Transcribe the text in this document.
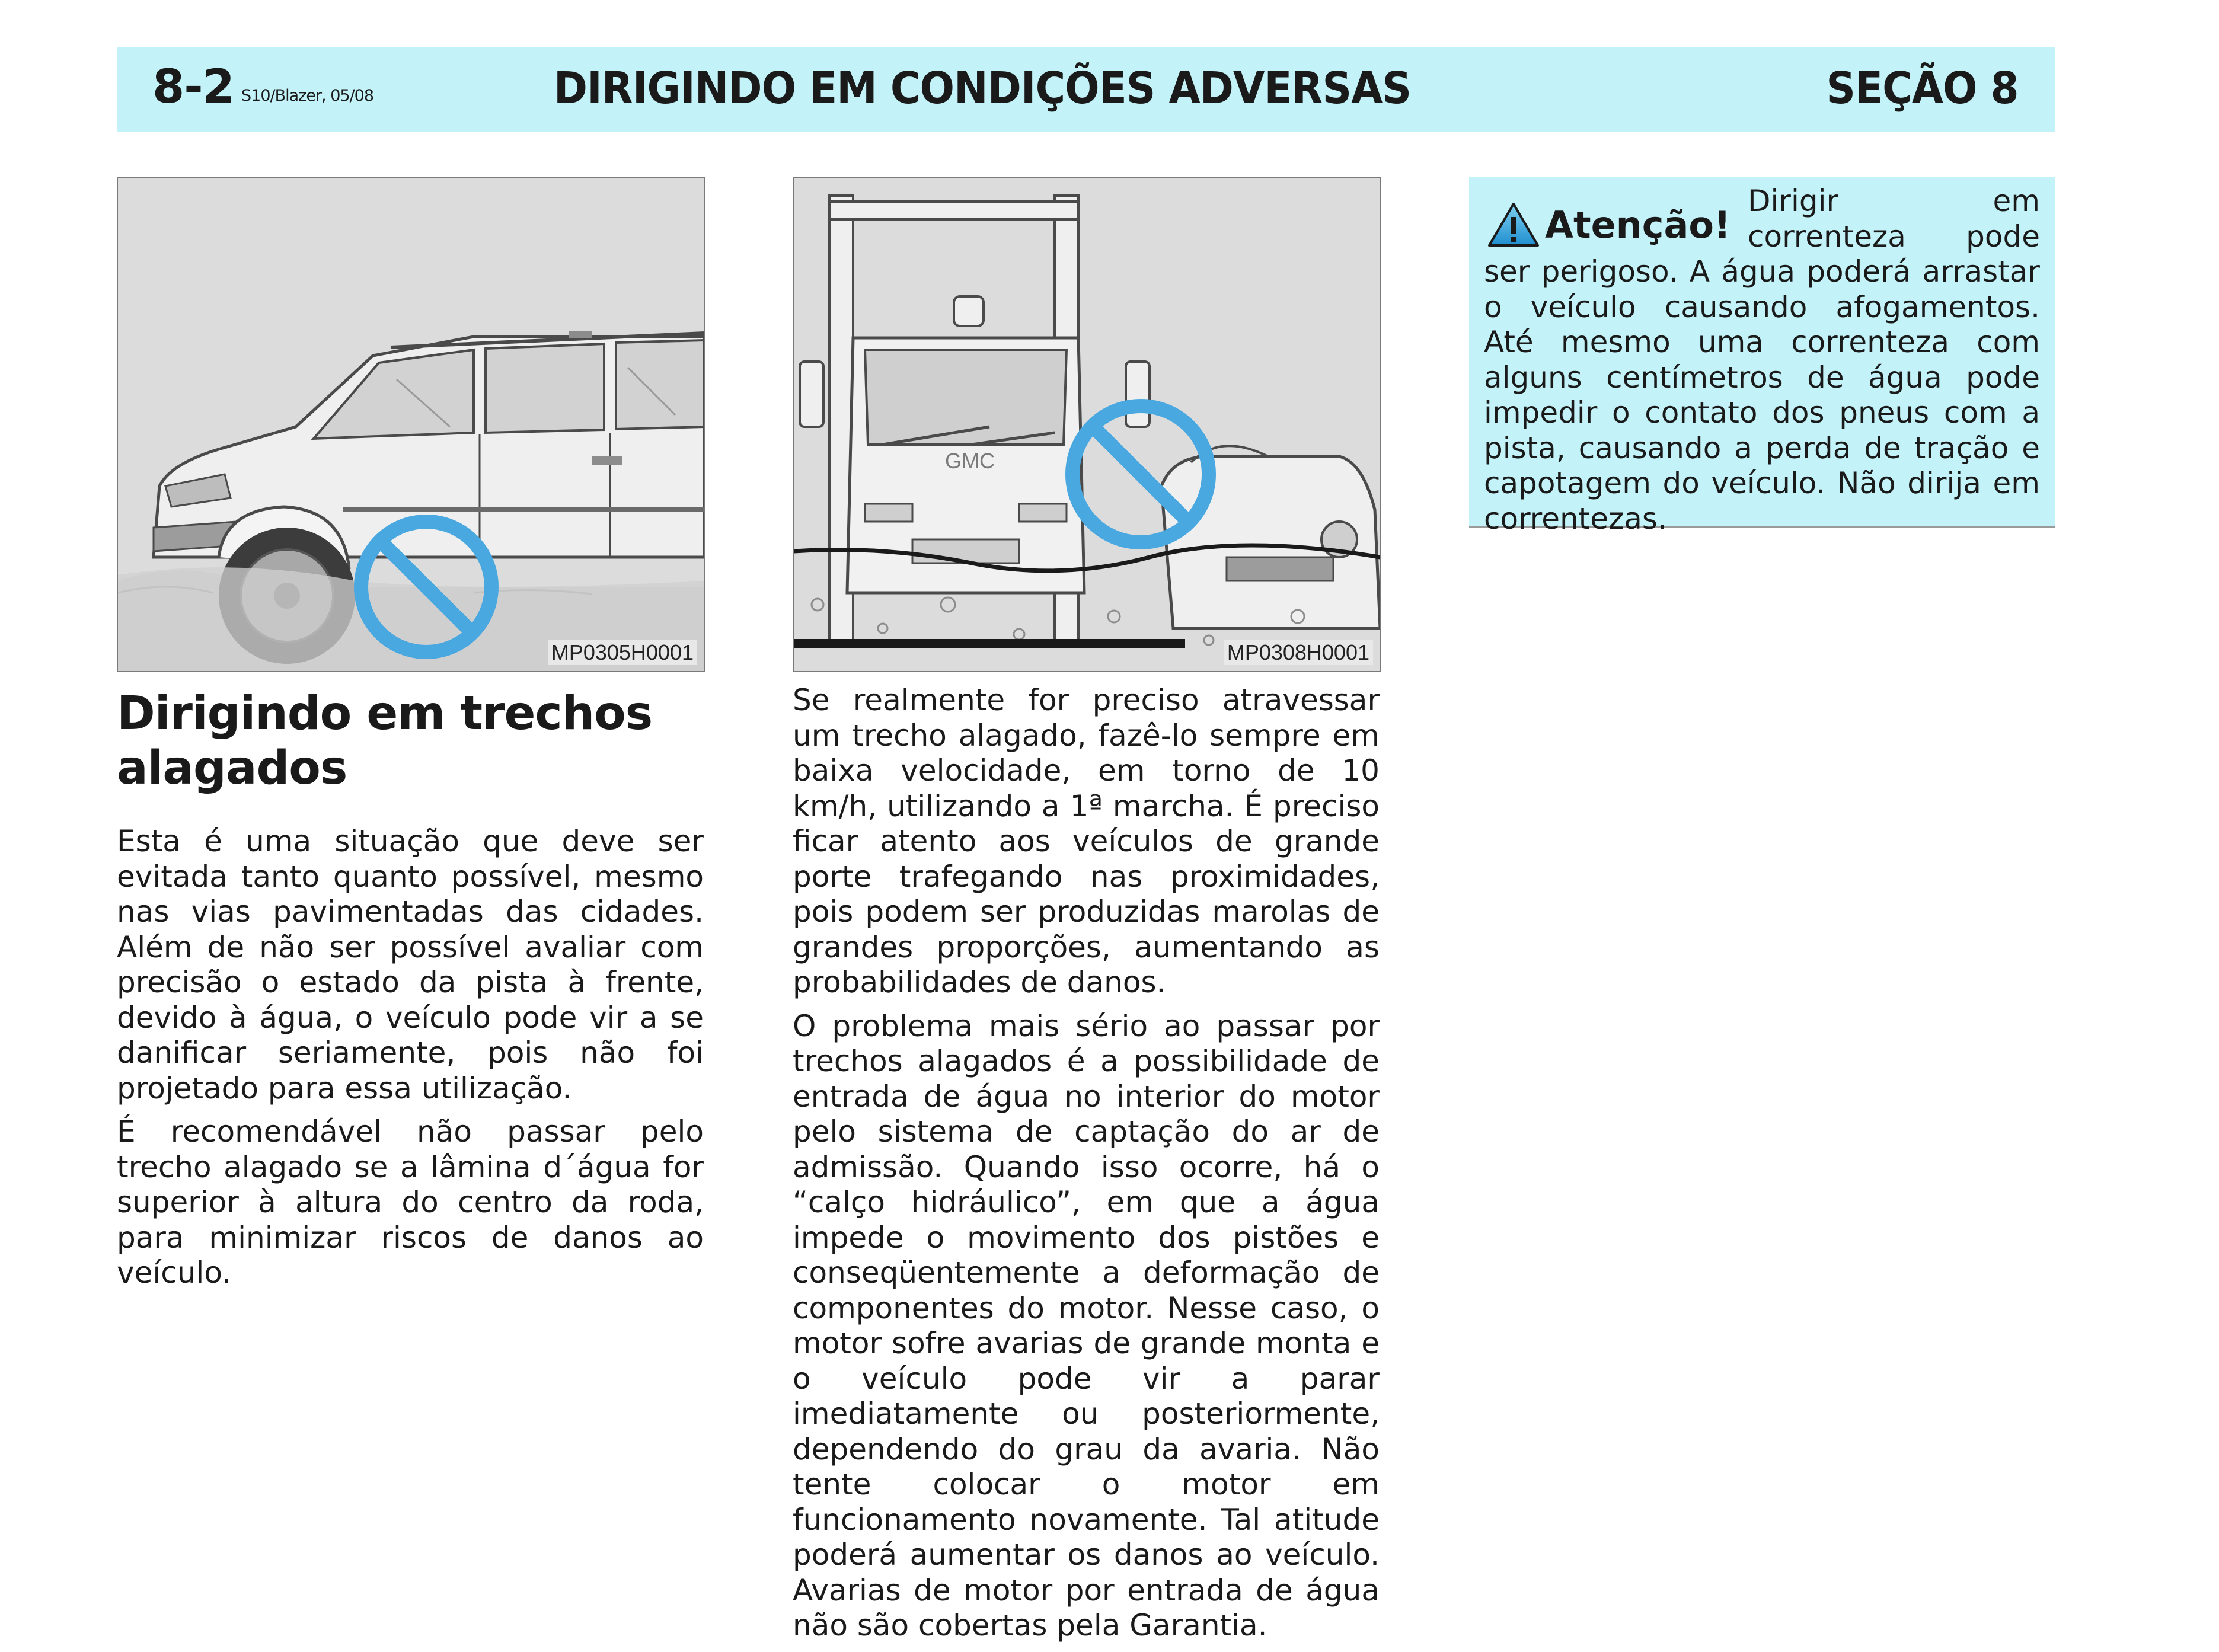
8-2 S10/Blazer, 05/08	DIRIGINDO EM CONDIÇÕES ADVERSAS	SEÇÃO 8
MP0305H0001
GMC
MP0308H0001
Dirigindo em trechos alagados

Esta é uma situação que deve ser evitada tanto quanto possível, mesmo nas vias pavimentadas das cidades. Além de não ser possível avaliar com precisão o estado da pista à frente, devido à água, o veículo pode vir a se danificar seriamente, pois não foi projetado para essa utilização.

É recomendável não passar pelo trecho alagado se a lâmina d´água for superior à altura do centro da roda, para minimizar riscos de danos ao veículo.

Se realmente for preciso atravessar um trecho alagado, fazê-lo sempre em baixa velocidade, em torno de 10 km/h, utilizando a 1ª marcha. É preciso ficar atento aos veículos de grande porte trafegando nas proximidades, pois podem ser produzidas marolas de grandes proporções, aumentando as probabilidades de danos.

O problema mais sério ao passar por trechos alagados é a possibilidade de entrada de água no interior do motor pelo sistema de captação do ar de admissão. Quando isso ocorre, há o “calço hidráulico”, em que a água impede o movimento dos pistões e conseqüentemente a deformação de componentes do motor. Nesse caso, o motor sofre avarias de grande monta e o veículo pode vir a parar imediatamente ou posteriormente, dependendo do grau da avaria. Não tente colocar o motor em funcionamento novamente. Tal atitude poderá aumentar os danos ao veículo. Avarias de motor por entrada de água não são cobertas pela Garantia.

Dirigir em correnteza pode ser perigoso. A água poderá arrastar o veículo causando afogamentos. Até mesmo uma correnteza com alguns centímetros de água pode impedir o contato dos pneus com a pista, causando a perda de tração e capotagem do veículo. Não dirija em correntezas.
Atenção!
